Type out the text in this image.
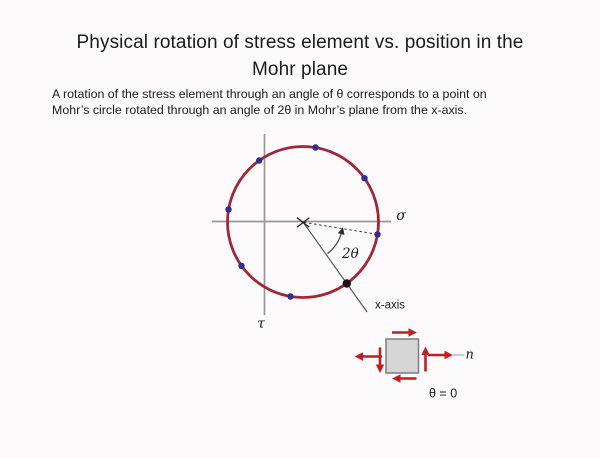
Physical rotation of stress element vs. position in the
Mohr plane
A rotation of the stress element through an angle of θ corresponds to a point on
Mohr’s circle rotated through an angle of 2θ in Mohr’s plane from the x-axis.
σ
τ
2θ
x-axis
n
θ = 0
